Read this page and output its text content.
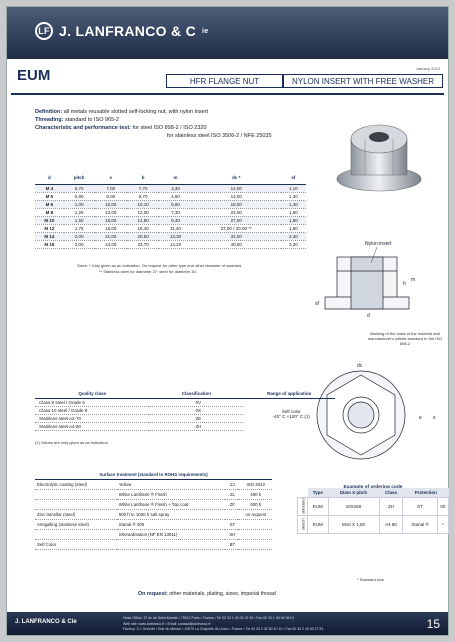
LF J. LANFRANCO & C ie
EUM	January 2013
HFR FLANGE NUT	NYLON INSERT WITH FREE WASHER
Definition: all metals reusable slotted self-locking nut, with nylon insert
Threading: standard to ISO 965-2
Characteristic and performance test: for steel ISO 898-2 / ISO 2320
for stainless steel ISO 3506-2 / NFE 25035
d	pitch	s	b	m	dc *	sf
M 4	0,70	7,00	7,70	3,30	12,00	1,10
M 5	0,80	8,00	8,70	4,50	14,00	1,30
M 6	1,00	10,00	10,10	5,60	18,00	1,40
M 8	1,25	13,00	12,00	7,30	22,00	1,60
M 10	1,50	16,00	14,80	8,40	27,00	1,80
M 12	1,75	18,00	18,40	11,40	27,00 / 30,00 **	1,80
M 14	2,00	21,00	20,50	13,30	32,00	2,40
M 16	2,00	24,00	23,70	14,20	40,00	3,20
Sizes: * Only given as an indication. On request for other type and other diameter of washers
** Stainless steel for diameter 27; steel for diameter 30.
Nylon insert
m
h
d
sf
Marking of the class of the material and manufacturer's initials standard to the ISO 898-2
dc
e s
Quality class	Classification	Range of application
Class 8 steel / Grade 5	0V	Self color
-40° C +120° C (1)

Class 10 steel / Grade 8	0X	
Stainless steel A2-70	ZE	
Stainless steel A4-80	ZH	
(1) Values are only given as an indication
Surface treatment (standard to ROHS requirements)			
Electrolytic coating (steel)	Yellow	ZJ	ISO 4042
	White Lanthane ® Finish	ZL	400 h
	White Lanthane ® Finish + Top coat	ZF	600 h
Zinc lamellar (steel)	600 h to 1000 h salt spray		on request
Antigalling (stainless steel)	Stanal ® 400	ST	
	Sherardisation (NF EN 13811)	SH	
Self Color		BT	
	Type	Diam X pitch	Class	Protection	
standard	EUM	10X150	ZH	ST	00
sketch	EUM	M10 X 1,50	A4 80	Stanal ®	*
* Standard size
On request: other materials, plating, sizes, imperial thread
J. LANFRANCO & Cie
Head Office: 37 av de Saint-Mandé • 75012 Paris • France • Tel 00 33 1 40 04 02 30 • Fax 00 33 1 40 04 06 01
Web site: www.lanfranco.fr • Email: contact@lanfranco.fr
Factory: Z.I. Orchidé • Rue du Mérant • 10570 La Chapelle-St-Union • France • Tel 00 33 2 40 50 10 10 • Fax 00 33 2 40 50 27 81	15
